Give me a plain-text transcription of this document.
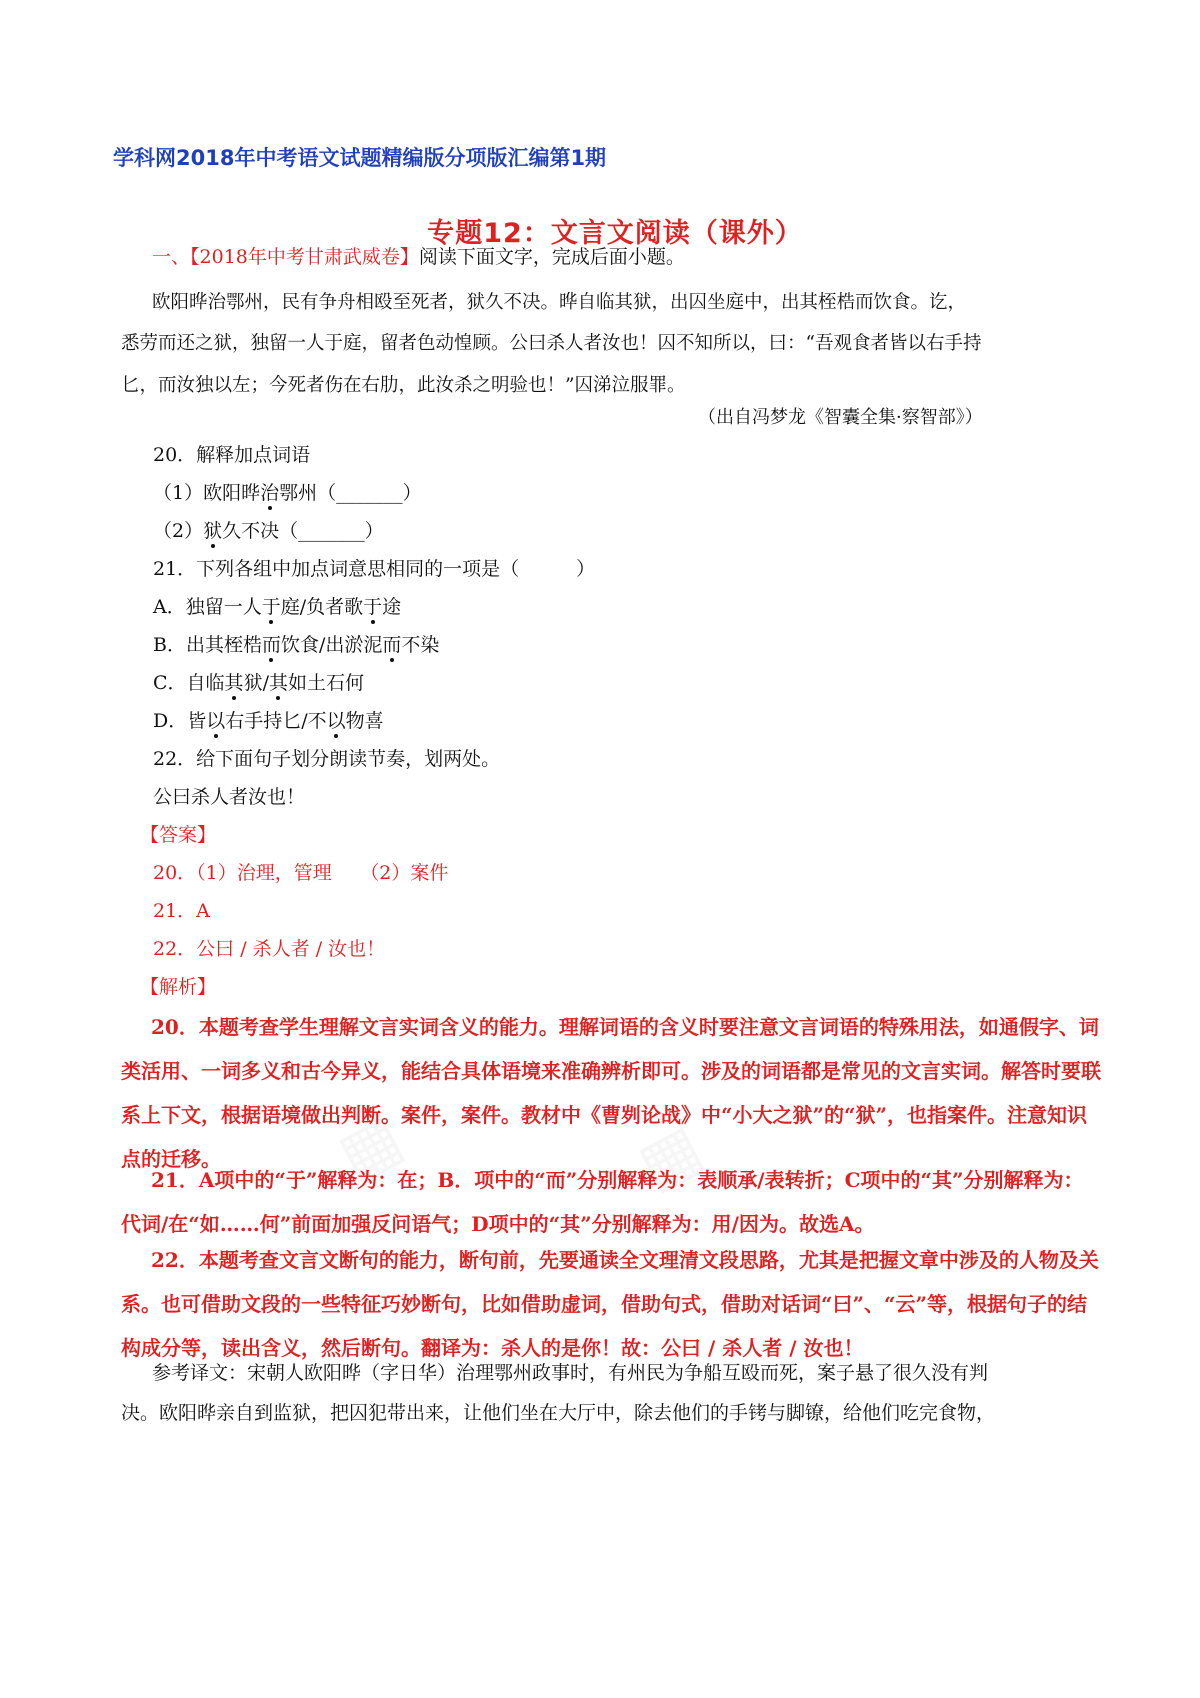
▦	▦
学科网2018年中考语文试题精编版分项版汇编第1期
专题12：文言文阅读（课外）
一、【2018年中考甘肃武威卷】阅读下面文字，完成后面小题。
欧阳晔治鄂州，民有争舟相殴至死者，狱久不决。晔自临其狱，出囚坐庭中，出其桎梏而饮食。讫，
悉劳而还之狱，独留一人于庭，留者色动惶顾。公曰杀人者汝也！囚不知所以，曰：“吾观食者皆以右手持
匕，而汝独以左；今死者伤在右肋，此汝杀之明验也！”囚涕泣服罪。
（出自冯梦龙《智囊全集·察智部》）
20．解释加点词语
（1）欧阳晔治鄂州（_______）
（2）狱久不决（_______）
21．下列各组中加点词意思相同的一项是（　　　）
A．独留一人于庭/负者歌于途
B．出其桎梏而饮食/出淤泥而不染
C．自临其狱/其如土石何
D．皆以右手持匕/不以物喜
22．给下面句子划分朗读节奏，划两处。
公曰杀人者汝也！
【答案】
20．（1）治理，管理　　（2）案件
21．A
22．公曰 / 杀人者 / 汝也！
【解析】
20．本题考查学生理解文言实词含义的能力。理解词语的含义时要注意文言词语的特殊用法，如通假字、词类活用、一词多义和古今异义，能结合具体语境来准确辨析即可。涉及的词语都是常见的文言实词。解答时要联系上下文，根据语境做出判断。案件，案件。教材中《曹刿论战》中“小大之狱”的“狱”，也指案件。注意知识点的迁移。
21．A项中的“于”解释为：在；B．项中的“而”分别解释为：表顺承/表转折；C项中的“其”分别解释为：代词/在“如……何”前面加强反问语气；D项中的“其”分别解释为：用/因为。故选A。
22．本题考查文言文断句的能力，断句前，先要通读全文理清文段思路，尤其是把握文章中涉及的人物及关系。也可借助文段的一些特征巧妙断句，比如借助虚词，借助句式，借助对话词“曰”、“云”等，根据句子的结构成分等，读出含义，然后断句。翻译为：杀人的是你！故：公曰 / 杀人者 / 汝也！
参考译文：宋朝人欧阳晔（字日华）治理鄂州政事时，有州民为争船互殴而死，案子悬了很久没有判
决。欧阳晔亲自到监狱，把囚犯带出来，让他们坐在大厅中，除去他们的手铐与脚镣，给他们吃完食物，
